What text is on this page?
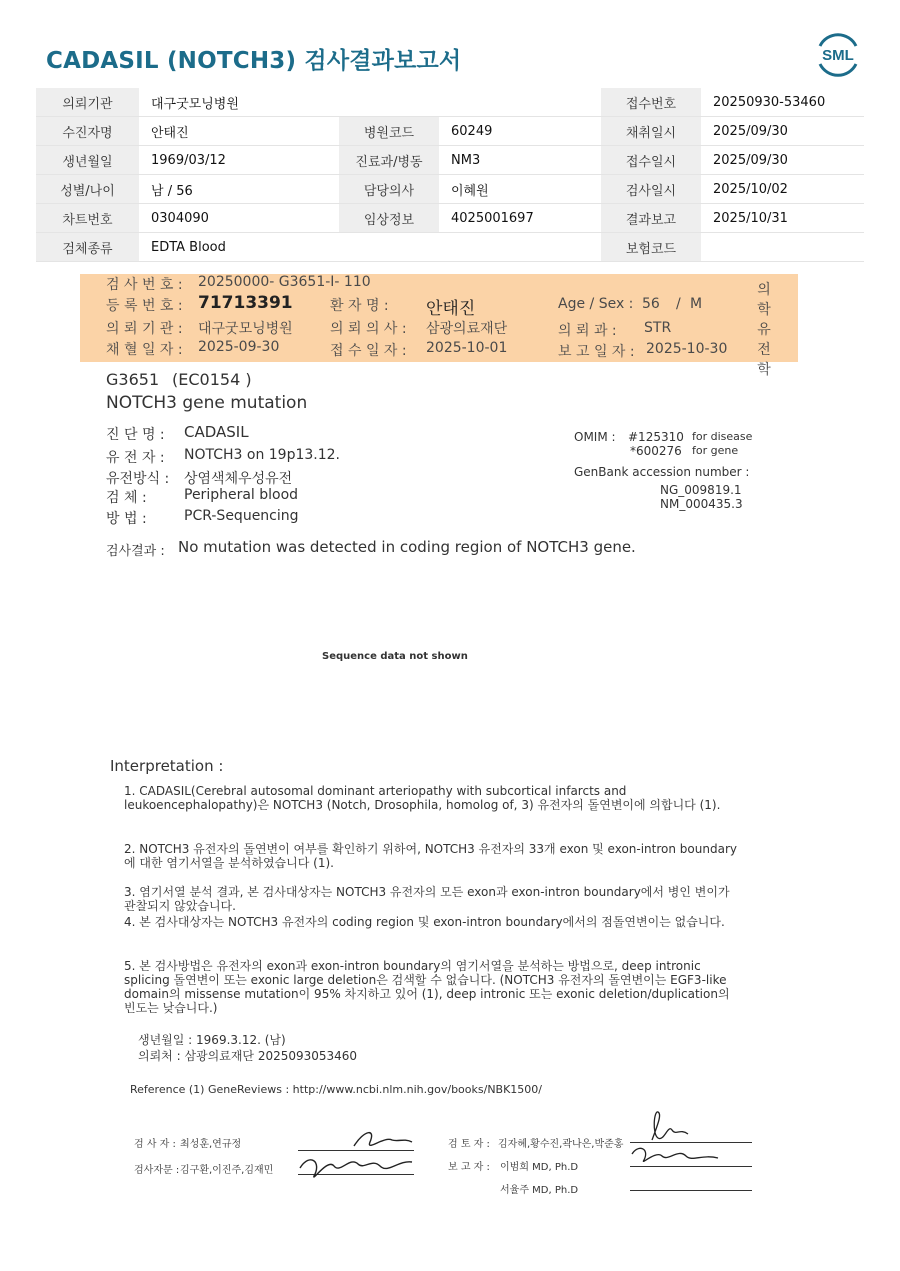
CADASIL (NOTCH3) 검사결과보고서	SML
의뢰기관	대구굿모닝병원			접수번호	20250930-53460
수진자명	안태진	병원코드	60249	채취일시	2025/09/30
생년월일	1969/03/12	진료과/병동	NM3	접수일시	2025/09/30
성별/나이	남 / 56	담당의사	이혜원	검사일시	2025/10/02
차트번호	0304090	임상정보	4025001697	결과보고	2025/10/31
검체종류	EDTA Blood			보험코드	
검 사 번 호 : 20250000- G3651-I- 110
등 록 번 호 : 71713391	환 자 명 : 안태진	Age / Sex : 56 / M
의 뢰 기 관 : 대구굿모닝병원	의 뢰 의 사 : 삼광의료재단	의 뢰 과 : STR
채 혈 일 자 : 2025-09-30	접 수 일 자 : 2025-10-01	보 고 일 자 : 2025-10-30
의학유전학
G3651 (EC0154 )
NOTCH3 gene mutation
진 단 명 : CADASIL
유 전 자 : NOTCH3 on 19p13.12.
유전방식 : 상염색체우성유전
검 체 :	Peripheral blood
방 법 :	PCR-Sequencing
OMIM : #125310 for disease
*600276 for gene
GenBank accession number :
NG_009819.1
NM_000435.3
검사결과 : No mutation was detected in coding region of NOTCH3 gene.
Sequence data not shown
Interpretation :
1. CADASIL(Cerebral autosomal dominant arteriopathy with subcortical infarcts and leukoencephalopathy)은 NOTCH3 (Notch, Drosophila, homolog of, 3) 유전자의 돌연변이에 의합니다 (1).
2. NOTCH3 유전자의 돌연변이 여부를 확인하기 위하여, NOTCH3 유전자의 33개 exon 및 exon-intron boundary에 대한 염기서열을 분석하였습니다 (1).
3. 염기서열 분석 결과, 본 검사대상자는 NOTCH3 유전자의 모든 exon과 exon-intron boundary에서 병인 변이가 관찰되지 않았습니다.
4. 본 검사대상자는 NOTCH3 유전자의 coding region 및 exon-intron boundary에서의 점돌연변이는 없습니다.
5. 본 검사방법은 유전자의 exon과 exon-intron boundary의 염기서열을 분석하는 방법으로, deep intronic splicing 돌연변이 또는 exonic large deletion은 검색할 수 없습니다. (NOTCH3 유전자의 돌연변이는 EGF3-like domain의 missense mutation이 95% 차지하고 있어 (1), deep intronic 또는 exonic deletion/duplication의 빈도는 낮습니다.)
생년월일 : 1969.3.12. (남)
의뢰처 : 삼광의료재단 2025093053460
Reference (1) GeneReviews : http://www.ncbi.nlm.nih.gov/books/NBK1500/
검 사 자 : 최성훈,연규정
검사자문 : 김구환,이진주,김재민
검 토 자 : 김자혜,황수진,곽나은,박준홍
보 고 자 : 이범희 MD, Ph.D
서율주 MD, Ph.D
